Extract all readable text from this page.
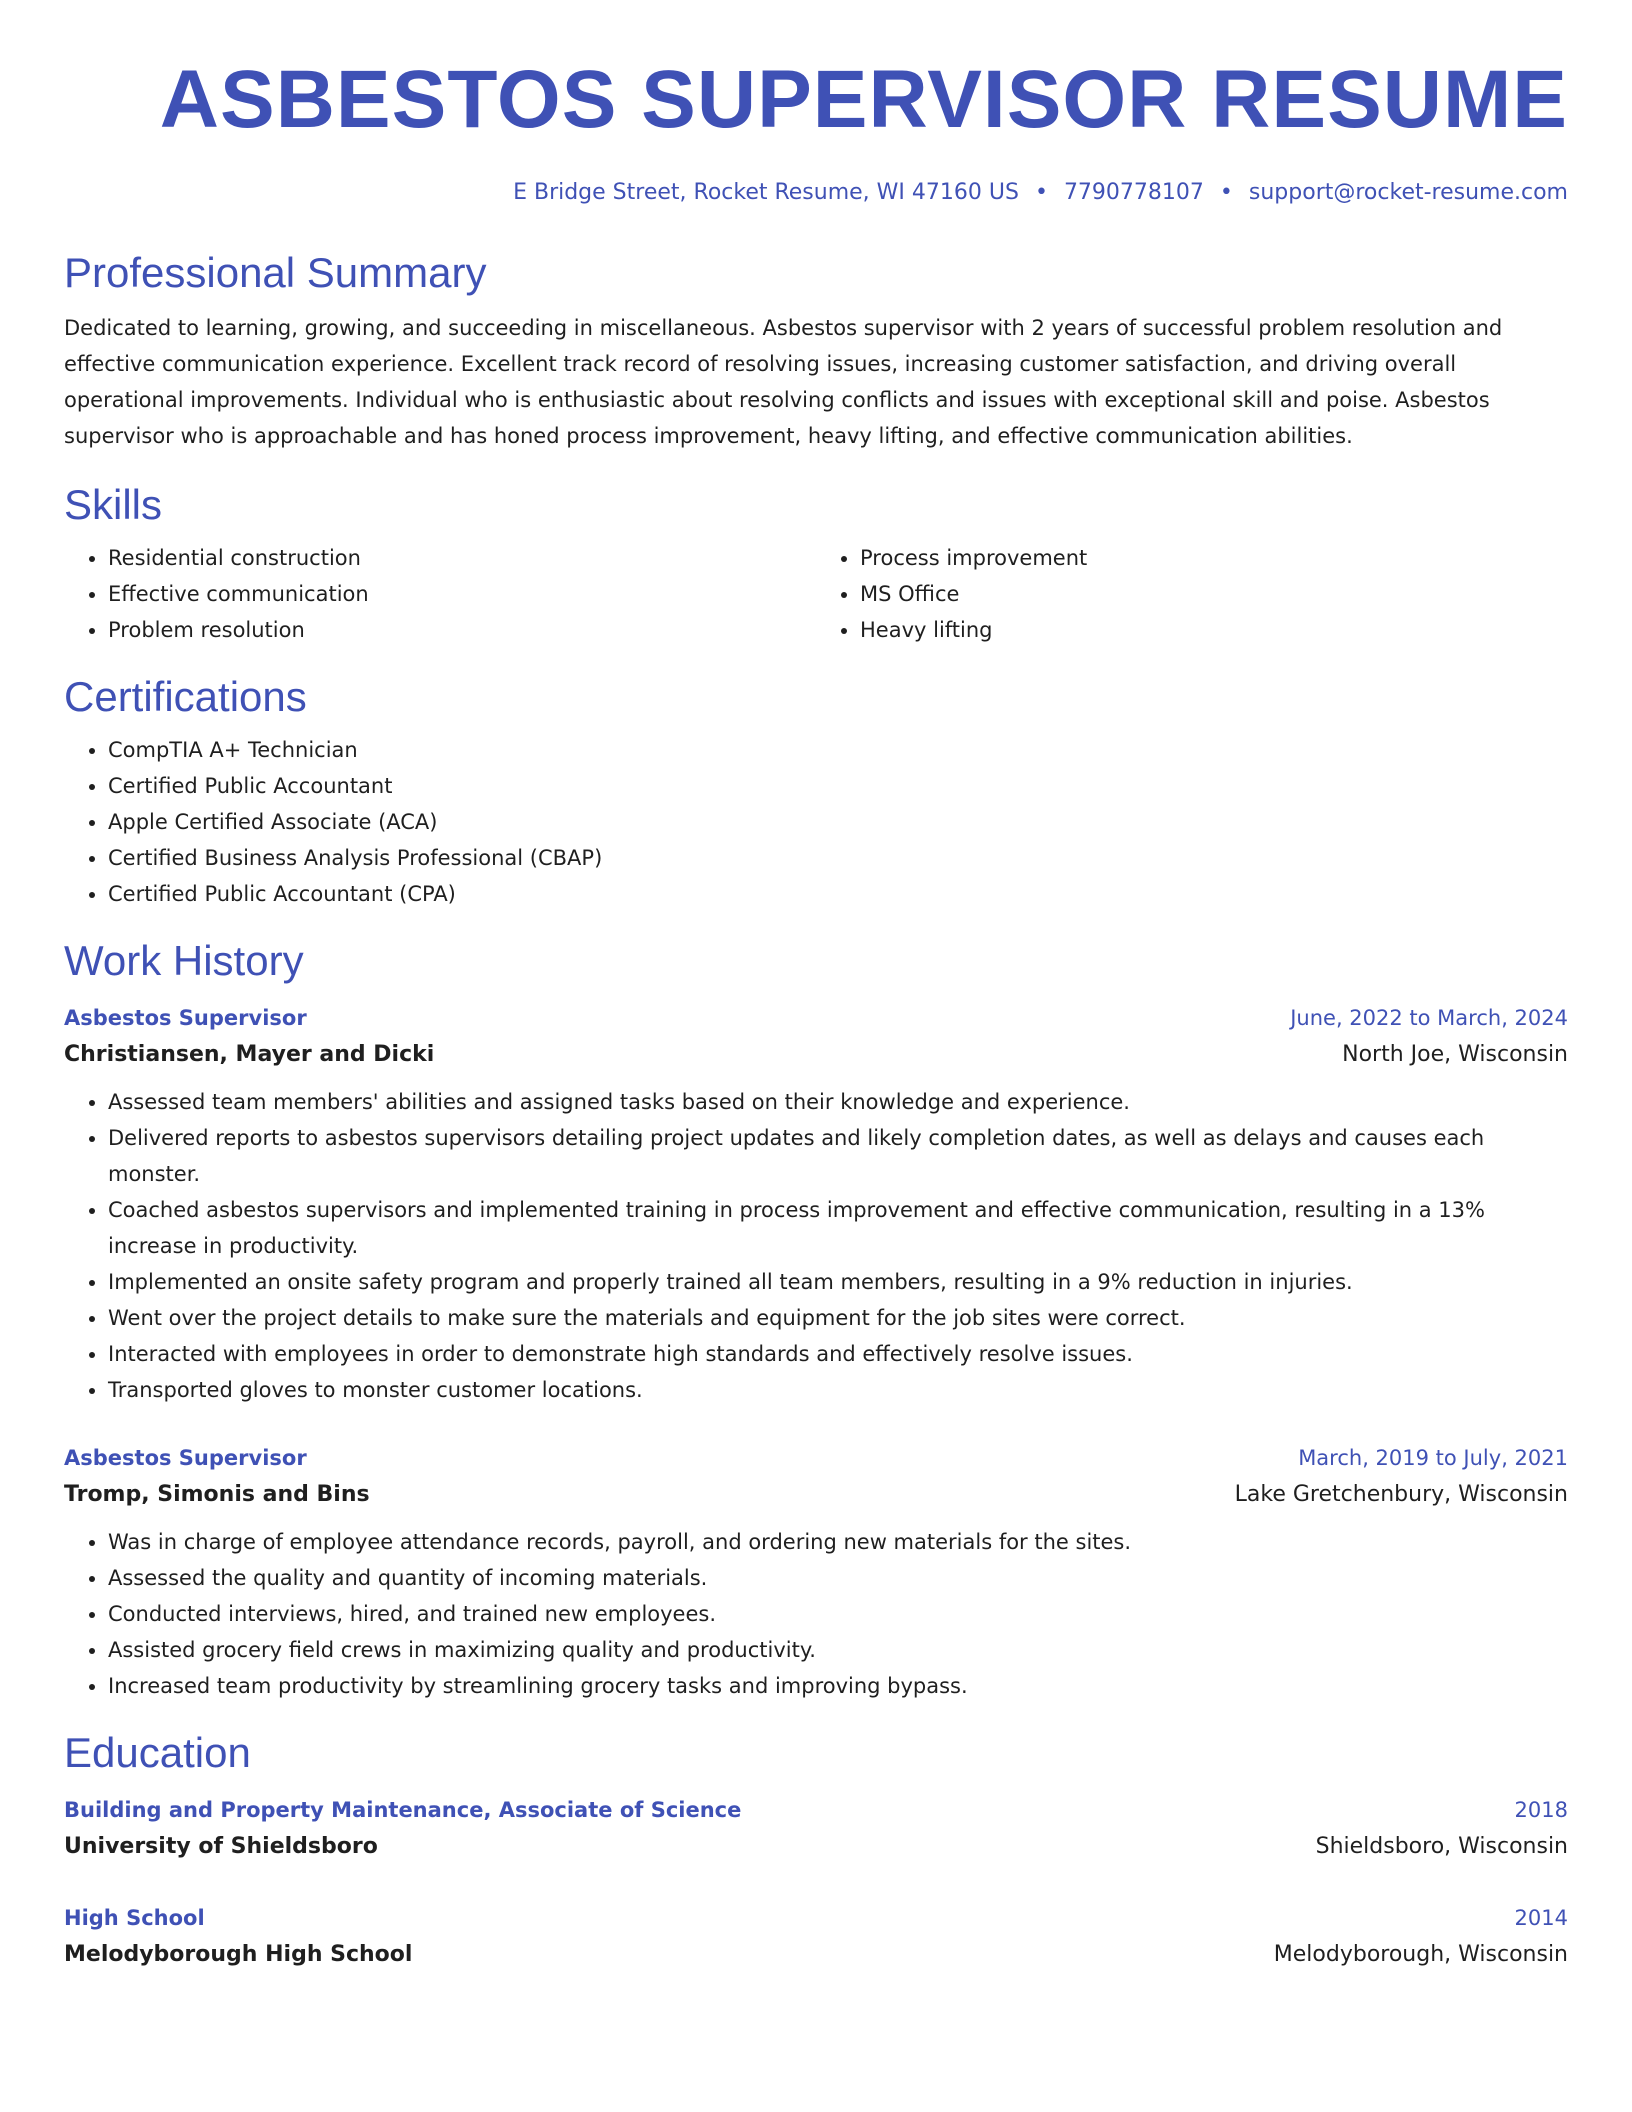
ASBESTOS SUPERVISOR RESUME
E Bridge Street, Rocket Resume, WI 47160 US • 7790778107 • support@rocket-resume.com
Professional Summary

Dedicated to learning, growing, and succeeding in miscellaneous. Asbestos supervisor with 2 years of successful problem resolution and effective communication experience. Excellent track record of resolving issues, increasing customer satisfaction, and driving overall operational improvements. Individual who is enthusiastic about resolving conflicts and issues with exceptional skill and poise. Asbestos supervisor who is approachable and has honed process improvement, heavy lifting, and effective communication abilities.

Skills
• Residential construction
• Effective communication
• Problem resolution
• Process improvement
• MS Office
• Heavy lifting
Certifications
• CompTIA A+ Technician
• Certified Public Accountant
• Apple Certified Associate (ACA)
• Certified Business Analysis Professional (CBAP)
• Certified Public Accountant (CPA)
Work History
Asbestos Supervisor	June, 2022 to March, 2024
Christiansen, Mayer and Dicki	North Joe, Wisconsin
• Assessed team members' abilities and assigned tasks based on their knowledge and experience.
• Delivered reports to asbestos supervisors detailing project updates and likely completion dates, as well as delays and causes each monster.
• Coached asbestos supervisors and implemented training in process improvement and effective communication, resulting in a 13% increase in productivity.
• Implemented an onsite safety program and properly trained all team members, resulting in a 9% reduction in injuries.
• Went over the project details to make sure the materials and equipment for the job sites were correct.
• Interacted with employees in order to demonstrate high standards and effectively resolve issues.
• Transported gloves to monster customer locations.
Asbestos Supervisor	March, 2019 to July, 2021
Tromp, Simonis and Bins	Lake Gretchenbury, Wisconsin
• Was in charge of employee attendance records, payroll, and ordering new materials for the sites.
• Assessed the quality and quantity of incoming materials.
• Conducted interviews, hired, and trained new employees.
• Assisted grocery field crews in maximizing quality and productivity.
• Increased team productivity by streamlining grocery tasks and improving bypass.
Education
Building and Property Maintenance, Associate of Science	2018
University of Shieldsboro	Shieldsboro, Wisconsin
High School	2014
Melodyborough High School	Melodyborough, Wisconsin
